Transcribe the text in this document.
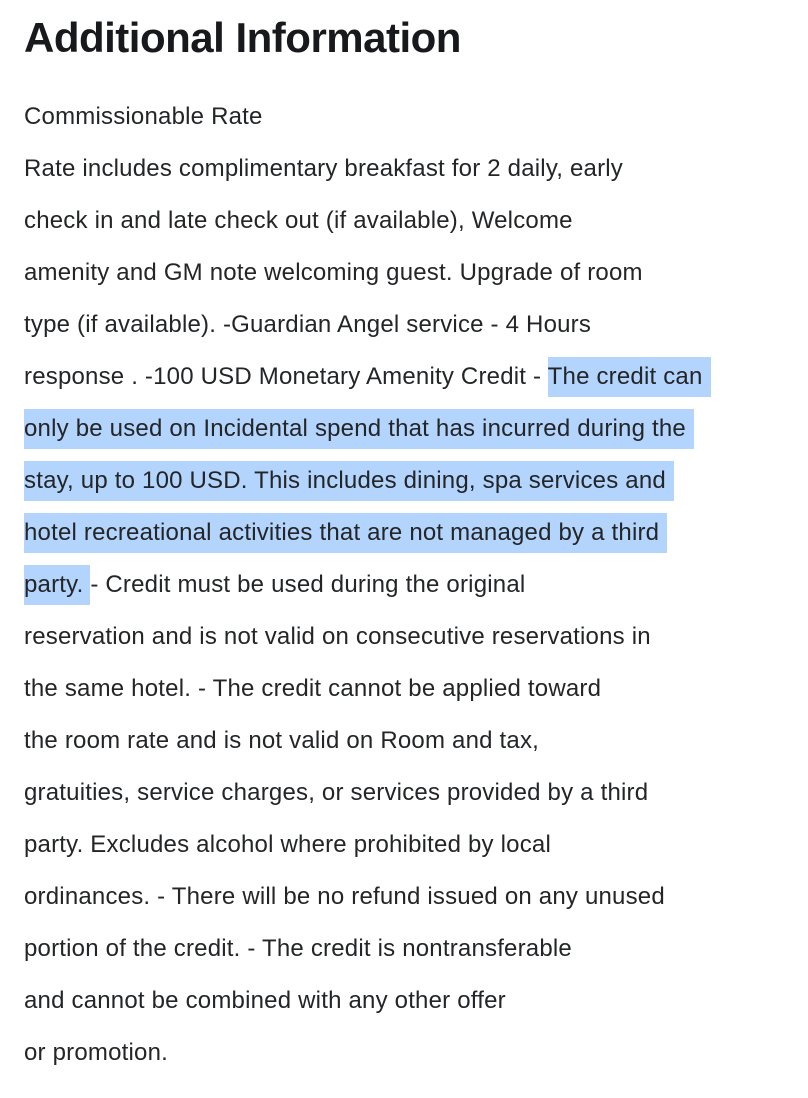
Additional Information
Commissionable Rate
Rate includes complimentary breakfast for 2 daily, early
check in and late check out (if available), Welcome
amenity and GM note welcoming guest. Upgrade of room
type (if available). -Guardian Angel service - 4 Hours
response . -100 USD Monetary Amenity Credit - The credit can
only be used on Incidental spend that has incurred during the
stay, up to 100 USD. This includes dining, spa services and
hotel recreational activities that are not managed by a third
party. - Credit must be used during the original
reservation and is not valid on consecutive reservations in
the same hotel. - The credit cannot be applied toward
the room rate and is not valid on Room and tax,
gratuities, service charges, or services provided by a third
party. Excludes alcohol where prohibited by local
ordinances. - There will be no refund issued on any unused
portion of the credit. - The credit is nontransferable
and cannot be combined with any other offer
or promotion.
